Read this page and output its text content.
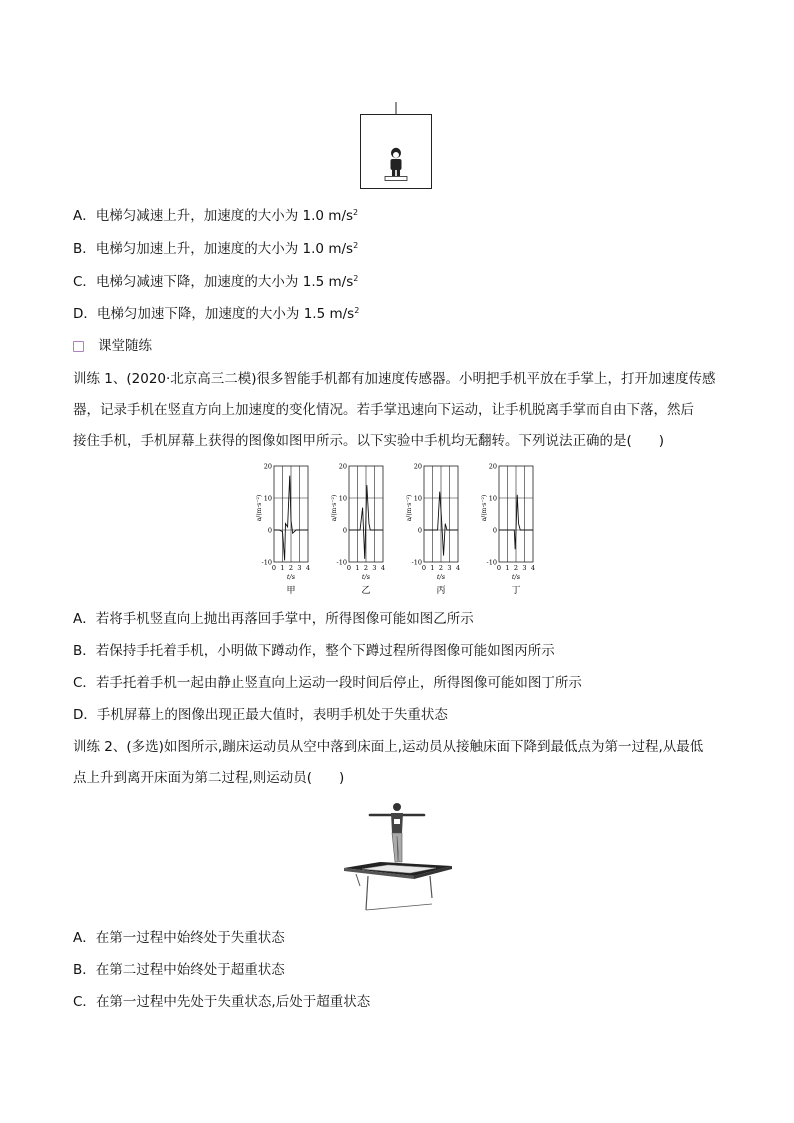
A．电梯匀减速上升，加速度的大小为 1.0 $m/s^2$
B．电梯匀加速上升，加速度的大小为 1.0 $m/s^2$
C．电梯匀减速下降，加速度的大小为 1.5 $m/s^2$
D．电梯匀加速下降，加速度的大小为 1.5 $m/s^2$
课堂随练
训练 1、(2020·北京高三二模)很多智能手机都有加速度传感器。小明把手机平放在手掌上，打开加速度传感
器，记录手机在竖直方向上加速度的变化情况。若手掌迅速向下运动，让手机脱离手掌而自由下落，然后
接住手机，手机屏幕上获得的图像如图甲所示。以下实验中手机均无翻转。下列说法正确的是(　　)
20
10
0
-10
0 1 2 3 4
t/s
a/(m·s⁻²)
甲
20
10
0
-10
0 1 2 3 4
t/s
a/(m·s⁻²)
乙
20
10
0
-10
0 1 2 3 4
t/s
a/(m·s⁻²)
丙
20
10
0
-10
0 1 2 3 4
t/s
a/(m·s⁻²)
丁
A．若将手机竖直向上抛出再落回手掌中，所得图像可能如图乙所示
B．若保持手托着手机，小明做下蹲动作，整个下蹲过程所得图像可能如图丙所示
C．若手托着手机一起由静止竖直向上运动一段时间后停止，所得图像可能如图丁所示
D．手机屏幕上的图像出现正最大值时，表明手机处于失重状态
训练 2、(多选)如图所示,蹦床运动员从空中落到床面上,运动员从接触床面下降到最低点为第一过程,从最低
点上升到离开床面为第二过程,则运动员(　　)
A．在第一过程中始终处于失重状态
B．在第二过程中始终处于超重状态
C．在第一过程中先处于失重状态,后处于超重状态
